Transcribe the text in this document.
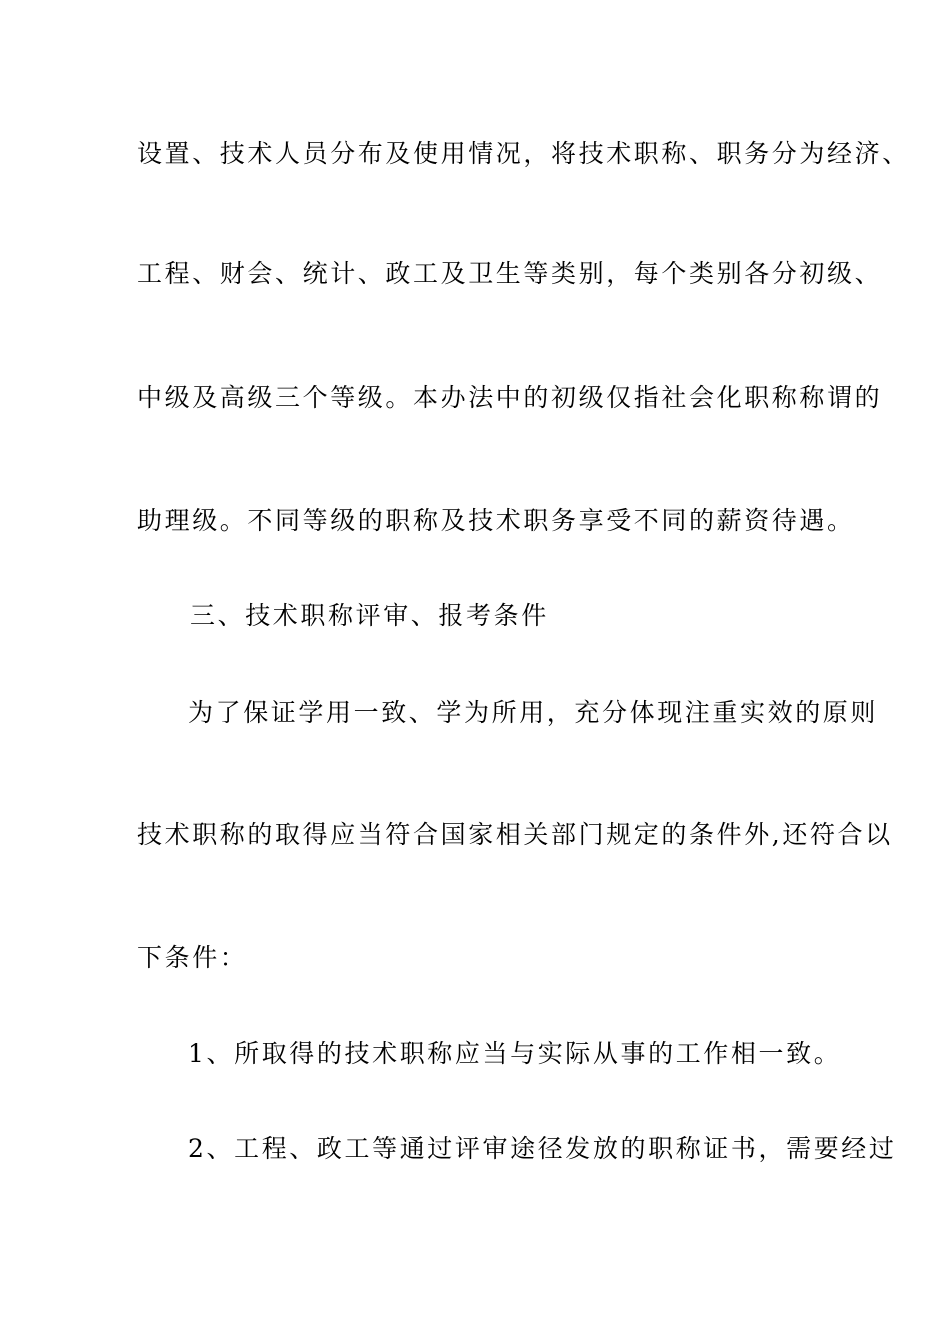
设置、技术人员分布及使用情况，将技术职称、职务分为经济、
工程、财会、统计、政工及卫生等类别，每个类别各分初级、
中级及高级三个等级。本办法中的初级仅指社会化职称称谓的
助理级。不同等级的职称及技术职务享受不同的薪资待遇。
三、技术职称评审、报考条件
为了保证学用一致、学为所用，充分体现注重实效的原则
技术职称的取得应当符合国家相关部门规定的条件外,还符合以
下条件：
1、所取得的技术职称应当与实际从事的工作相一致。
2、工程、政工等通过评审途径发放的职称证书，需要经过
